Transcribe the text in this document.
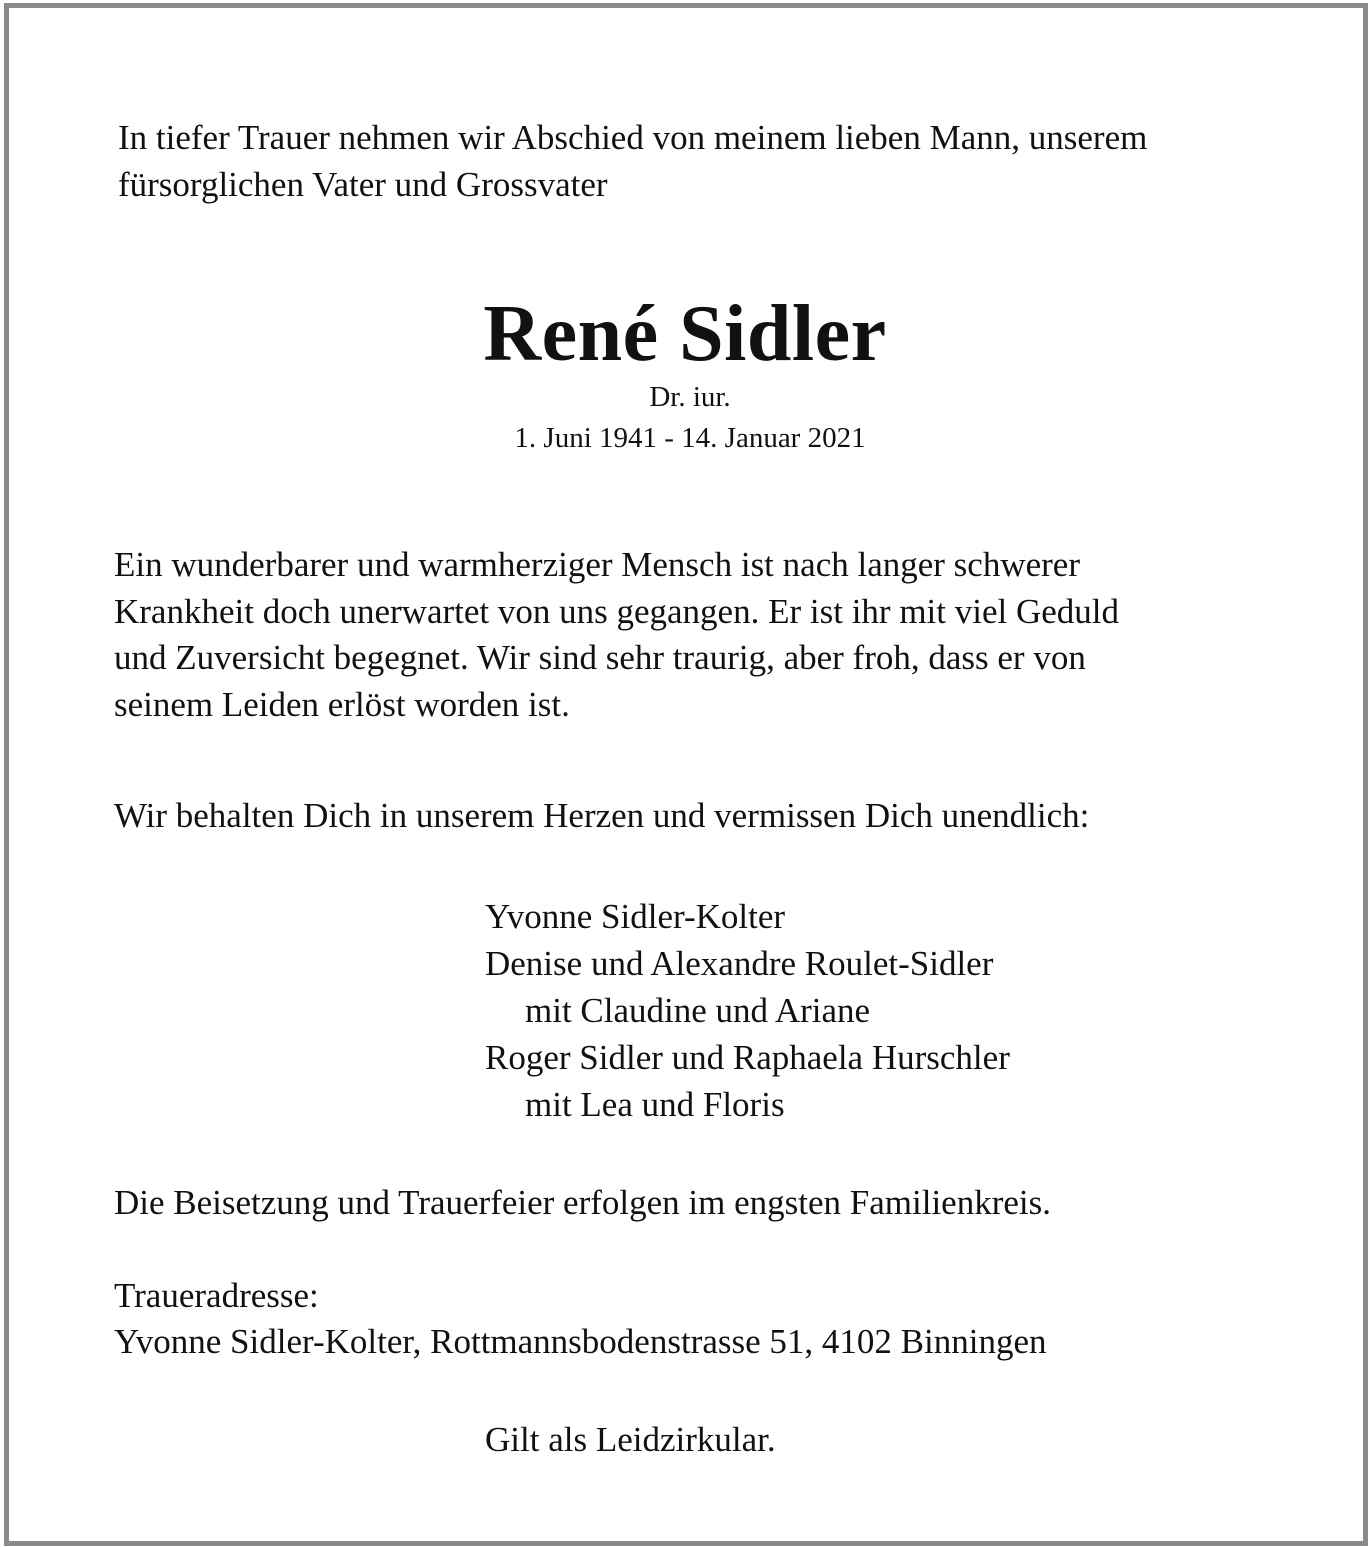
In tiefer Trauer nehmen wir Abschied von meinem lieben Mann, unserem
fürsorglichen Vater und Grossvater
René Sidler
Dr. iur.
1. Juni 1941 - 14. Januar 2021
Ein wunderbarer und warmherziger Mensch ist nach langer schwerer
Krankheit doch unerwartet von uns gegangen. Er ist ihr mit viel Geduld
und Zuversicht begegnet. Wir sind sehr traurig, aber froh, dass er von
seinem Leiden erlöst worden ist.
Wir behalten Dich in unserem Herzen und vermissen Dich unendlich:
Yvonne Sidler-Kolter
Denise und Alexandre Roulet-Sidler
mit Claudine und Ariane
Roger Sidler und Raphaela Hurschler
mit Lea und Floris
Die Beisetzung und Trauerfeier erfolgen im engsten Familienkreis.
Traueradresse:
Yvonne Sidler-Kolter, Rottmannsbodenstrasse 51, 4102 Binningen
Gilt als Leidzirkular.
